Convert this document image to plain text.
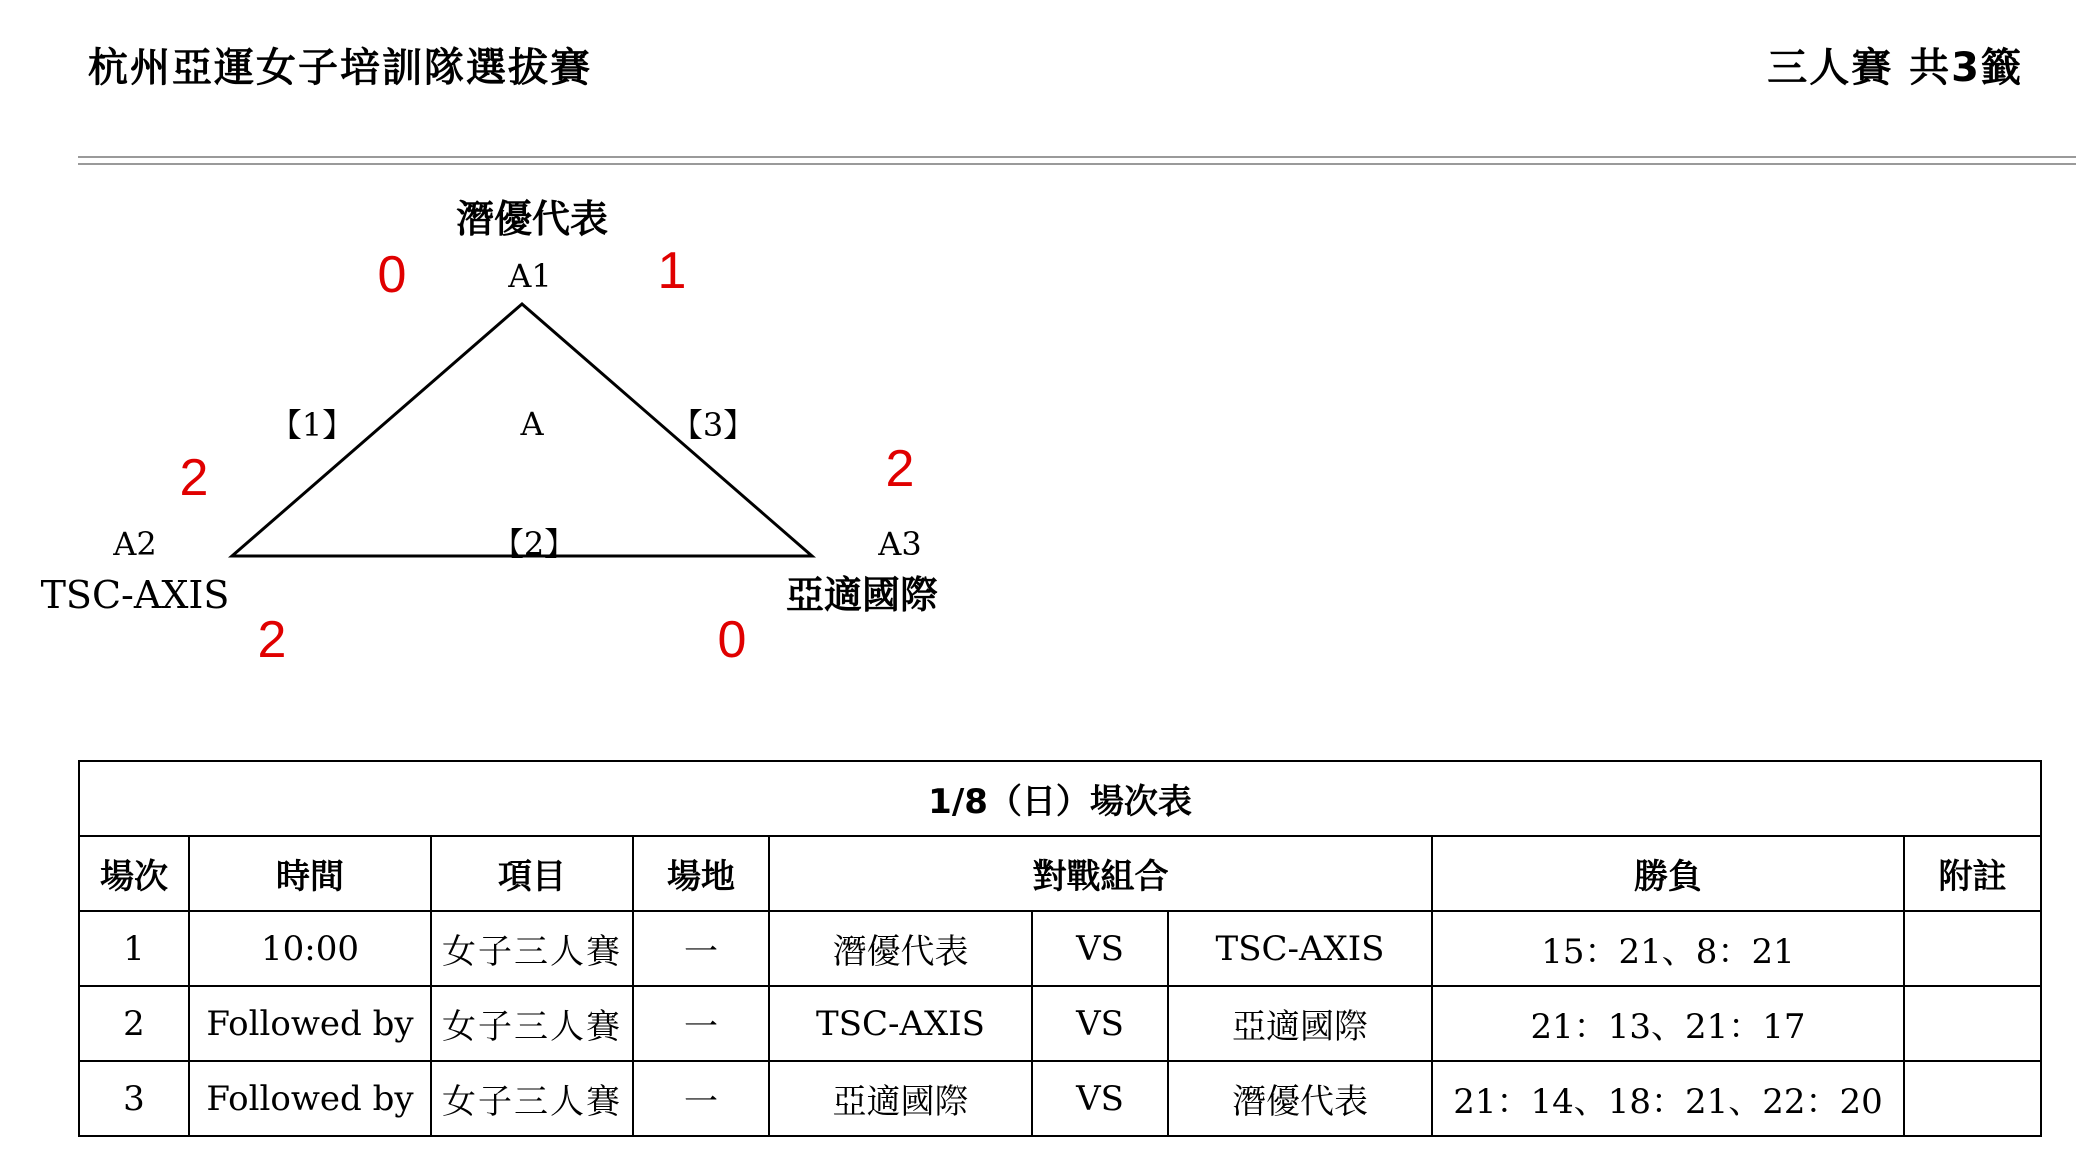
杭州亞運女子培訓隊選拔賽	三人賽 共3籤
潛優代表
A1
A2
TSC-AXIS
A3
亞適國際
A
【1】
【2】
【3】
0	1
2
2
2
0
1/8（日）場次表								
場次	時間	項目	場地	對戰組合			勝負	附註
1	10:00	女子三人賽	一	潛優代表	VS	TSC-AXIS	15：21、8：21	
2	Followed by	女子三人賽	一	TSC-AXIS	VS	亞適國際	21：13、21：17	
3	Followed by	女子三人賽	一	亞適國際	VS	潛優代表	21：14、18：21、22：20	
